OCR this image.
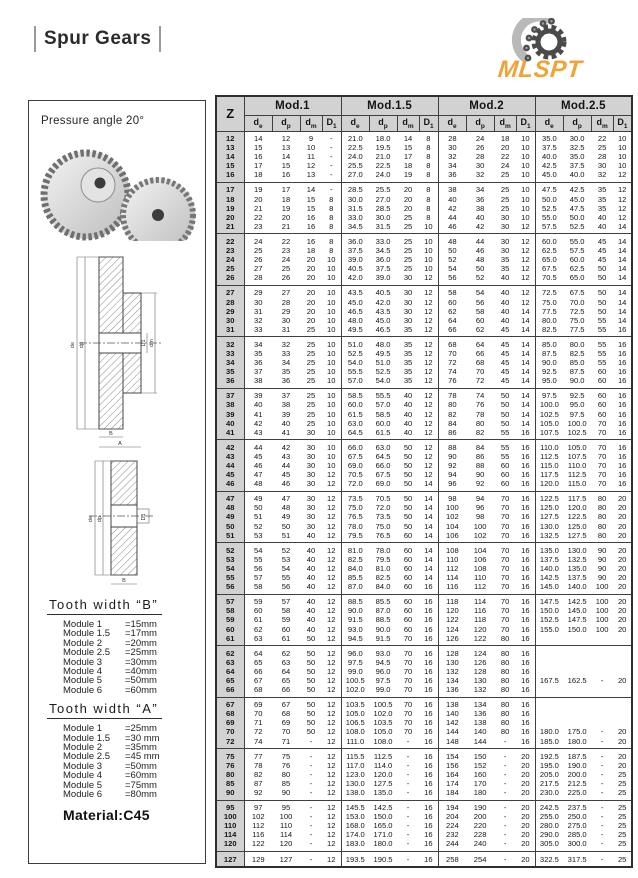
Spur Gears
MLSPT
Pressure angle 20°
de dp	D1 dm
B
A
de dp	D1
B
Tooth width “B”
Module 1	=15mm
Module 1.5	=17mm
Module 2	=20mm
Module 2.5	=25mm
Module 3	=30mm
Module 4	=40mm
Module 5	=50mm
Module 6	=60mm
Tooth width “A”
Module 1	=25mm
Module 1.5	=30 mm
Module 2	=35mm
Module 2.5	=45 mm
Module 3	=50mm
Module 4	=60mm
Module 5	=75mm
Module 6	=80mm
Material:C45
Z	Mod.1				Mod.1.5				Mod.2				Mod.2.5			
	$d_e$	$d_p$	$d_m$	$D_1$	$d_e$	$d_p$	$d_m$	$D_1$	$d_e$	$d_p$	$d_m$	$D_1$	$d_e$	$d_p$	$d_m$	$D_1$
12	14	12	9	-	21.0	18.0	14	8	28	24	18	10	35.0	30.0	22	10
13	15	13	10	-	22.5	19.5	15	8	30	26	20	10	37.5	32.5	25	10
14	16	14	11	-	24.0	21.0	17	8	32	28	22	10	40.0	35.0	28	10
15	17	15	12	-	25.5	22.5	18	8	34	30	24	10	42.5	37.5	30	10
16	18	16	13	-	27.0	24.0	19	8	36	32	25	10	45.0	40.0	32	12
17	19	17	14	-	28.5	25.5	20	8	38	34	25	10	47.5	42.5	35	12
18	20	18	15	8	30.0	27.0	20	8	40	36	25	10	50.0	45.0	35	12
19	21	19	15	8	31.5	28.5	20	8	42	38	25	10	52.5	47.5	35	12
20	22	20	16	8	33.0	30.0	25	8	44	40	30	10	55.0	50.0	40	12
21	23	21	16	8	34.5	31.5	25	10	46	42	30	12	57.5	52.5	40	14
22	24	22	16	8	36.0	33.0	25	10	48	44	30	12	60.0	55.0	45	14
23	25	23	18	8	37.5	34.5	25	10	50	46	30	12	62.5	57.5	45	14
24	26	24	20	10	39.0	36.0	25	10	52	48	35	12	65.0	60.0	45	14
25	27	25	20	10	40.5	37.5	25	10	54	50	35	12	67.5	62.5	50	14
26	28	26	20	10	42.0	39.0	30	12	56	52	40	12	70.5	65.0	50	14
27	29	27	20	10	43.5	40.5	30	12	58	54	40	12	72.5	67.5	50	14
28	30	28	20	10	45.0	42.0	30	12	60	56	40	12	75.0	70.0	50	14
29	31	29	20	10	46.5	43.5	30	12	62	58	40	14	77.5	72.5	50	14
30	32	30	20	10	48.0	45.0	30	12	64	60	40	14	80.0	75.0	55	14
31	33	31	25	10	49.5	46.5	35	12	66	62	45	14	82.5	77.5	55	16
32	34	32	25	10	51.0	48.0	35	12	68	64	45	14	85.0	80.0	55	16
33	35	33	25	10	52.5	49.5	35	12	70	66	45	14	87.5	82.5	55	16
34	36	34	25	10	54.0	51.0	35	12	72	68	45	14	90.0	85.0	55	16
35	37	35	25	10	55.5	52.5	35	12	74	70	45	14	92.5	87.5	60	16
36	38	36	25	10	57.0	54.0	35	12	76	72	45	14	95.0	90.0	60	16
37	39	37	25	10	58.5	55.5	40	12	78	74	50	14	97.5	92.5	60	16
38	40	38	25	10	60.0	57.0	40	12	80	76	50	14	100.0	95.0	60	16
39	41	39	25	10	61.5	58.5	40	12	82	78	50	14	102.5	97.5	60	16
40	42	40	25	10	63.0	60.0	40	12	84	80	50	14	105.0	100.0	70	16
41	43	41	30	10	64.5	61.5	40	12	86	82	55	16	107.5	102.5	70	16
42	44	42	30	10	66.0	63.0	50	12	88	84	55	16	110.0	105.0	70	16
43	45	43	30	10	67.5	64.5	50	12	90	86	55	16	112.5	107.5	70	16
44	46	44	30	10	69.0	66.0	50	12	92	88	60	16	115.0	110.0	70	16
45	47	45	30	12	70.5	67.5	50	12	94	90	60	16	117.5	112.5	70	16
46	48	46	30	12	72.0	69.0	50	14	96	92	60	16	120.0	115.0	70	16
47	49	47	30	12	73.5	70.5	50	14	98	94	70	16	122.5	117.5	80	20
48	50	48	30	12	75.0	72.0	50	14	100	96	70	16	125.0	120.0	80	20
49	51	49	30	12	76.5	73.5	50	14	102	98	70	16	127.5	122.5	80	20
50	52	50	30	12	78.0	75.0	50	14	104	100	70	16	130.0	125.0	80	20
51	53	51	40	12	79.5	76.5	60	14	106	102	70	16	132.5	127.5	80	20
52	54	52	40	12	81.0	78.0	60	14	108	104	70	16	135.0	130.0	90	20
53	55	53	40	12	82.5	79.5	60	14	110	106	70	16	137.5	132.5	90	20
54	56	54	40	12	84.0	81.0	60	14	112	108	70	16	140.0	135.0	90	20
55	57	55	40	12	85.5	82.5	60	14	114	110	70	16	142.5	137.5	90	20
56	58	56	40	12	87.0	84.0	60	16	116	112	70	16	145.0	140.0	100	20
57	59	57	40	12	88.5	85.5	60	16	118	114	70	16	147.5	142.5	100	20
58	60	58	40	12	90.0	87.0	60	16	120	116	70	16	150.0	145.0	100	20
59	61	59	40	12	91.5	88.5	60	16	122	118	70	16	152.5	147.5	100	20
60	62	60	40	12	93.0	90.0	60	16	124	120	70	16	155.0	150.0	100	20
61	63	61	50	12	94.5	91.5	70	16	126	122	80	16				
62	64	62	50	12	96.0	93.0	70	16	128	124	80	16				
63	65	63	50	12	97.5	94.5	70	16	130	126	80	16				
64	66	64	50	12	99.0	96.0	70	16	132	128	80	16				
65	67	65	50	12	100.5	97.5	70	16	134	130	80	16	167.5	162.5	-	20
66	68	66	50	12	102.0	99.0	70	16	136	132	80	16				
67	69	67	50	12	103.5	100.5	70	16	138	134	80	16				
68	70	68	50	12	105.0	102.0	70	16	140	136	80	16				
69	71	69	50	12	106.5	103.5	70	16	142	138	80	16				
70	72	70	50	12	108.0	105.0	70	16	144	140	80	16	180.0	175.0	-	20
72	74	71	-	12	111.0	108.0	-	16	148	144	-	16	185.0	180.0	-	20
75	77	75	-	12	115.5	112.5	-	16	154	150	-	20	192.5	187.5	-	20
76	78	76	-	12	117.0	114.0	-	16	156	152	-	20	195.0	190.0	-	20
80	82	80	-	12	123.0	120.0	-	16	164	160	-	20	205.0	200.0	-	25
85	87	85	-	12	130.0	127.5	-	16	174	170	-	20	217.5	212.5	-	25
90	92	90	-	12	138.0	135.0	-	16	184	180	-	20	230.0	225.0	-	25
95	97	95	-	12	145.5	142.5	-	16	194	190	-	20	242.5	237.5	-	25
100	102	100	-	12	153.0	150.0	-	16	204	200	-	20	255.0	250.0	-	25
110	112	110	-	12	168.0	165.0	-	16	224	220	-	20	280.0	275.0	-	25
114	116	114	-	12	174.0	171.0	-	16	232	228	-	20	290.0	285.0	-	25
120	122	120	-	12	183.0	180.0	-	16	244	240	-	20	305.0	300.0	-	25
127	129	127	-	12	193.5	190.5	-	16	258	254	-	20	322.5	317.5	-	25
